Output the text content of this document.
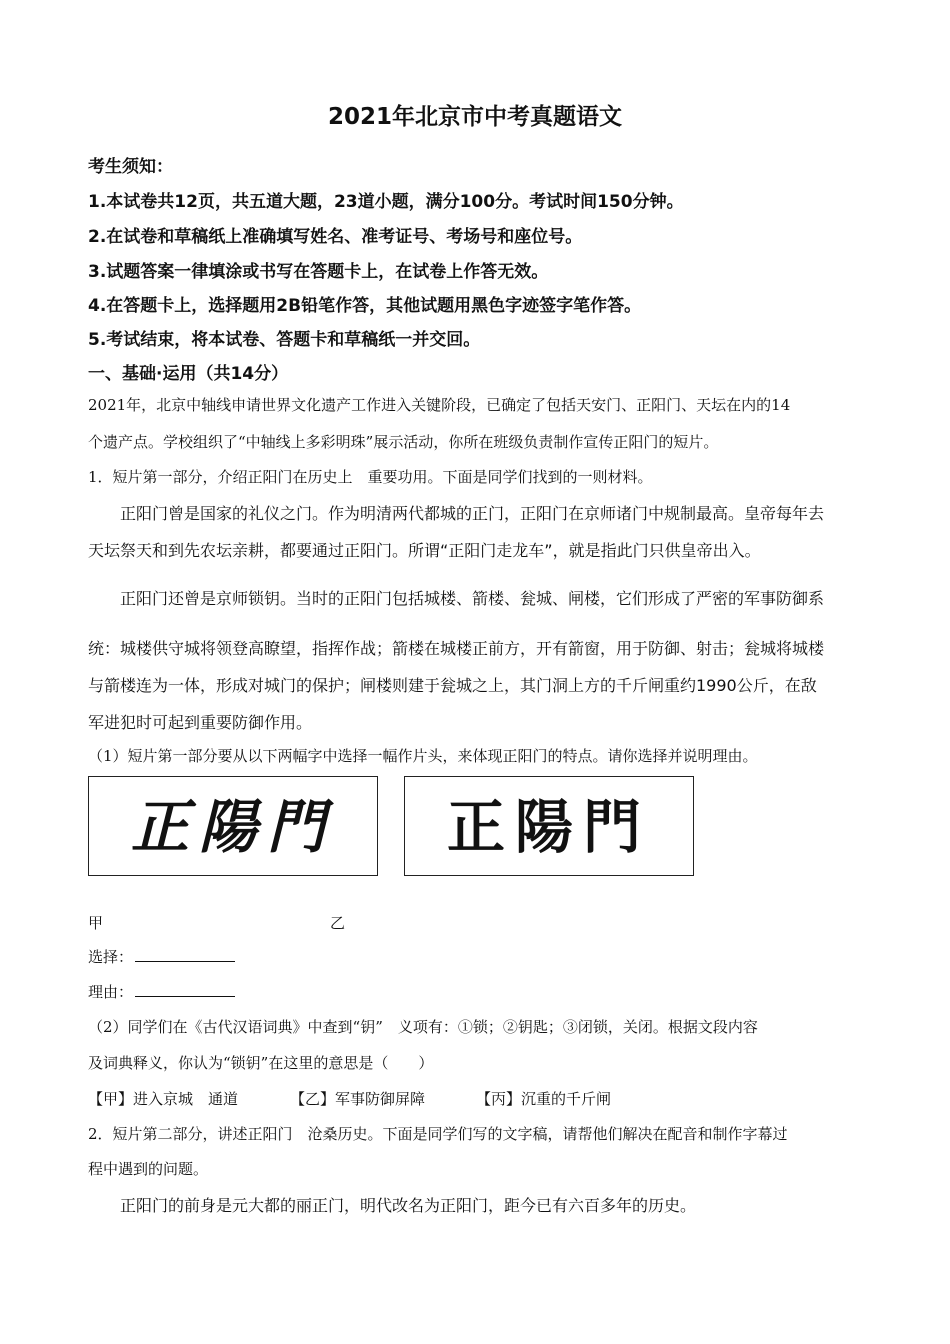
2021年北京市中考真题语文
考生须知：
1.本试卷共12页，共五道大题，23道小题，满分100分。考试时间150分钟。
2.在试卷和草稿纸上准确填写姓名、准考证号、考场号和座位号。
3.试题答案一律填涂或书写在答题卡上，在试卷上作答无效。
4.在答题卡上，选择题用2B铅笔作答，其他试题用黑色字迹签字笔作答。
5.考试结束，将本试卷、答题卡和草稿纸一并交回。
一、基础·运用（共14分）
2021年，北京中轴线申请世界文化遗产工作进入关键阶段，已确定了包括天安门、正阳门、天坛在内的14
个遗产点。学校组织了“中轴线上多彩明珠”展示活动，你所在班级负责制作宣传正阳门的短片。
1．短片第一部分，介绍正阳门在历史上　重要功用。下面是同学们找到的一则材料。
正阳门曾是国家的礼仪之门。作为明清两代都城的正门，正阳门在京师诸门中规制最高。皇帝每年去
天坛祭天和到先农坛亲耕，都要通过正阳门。所谓“正阳门走龙车”，就是指此门只供皇帝出入。
正阳门还曾是京师锁钥。当时的正阳门包括城楼、箭楼、瓮城、闸楼，它们形成了严密的军事防御系
统：城楼供守城将领登高瞭望，指挥作战；箭楼在城楼正前方，开有箭窗，用于防御、射击；瓮城将城楼
与箭楼连为一体，形成对城门的保护；闸楼则建于瓮城之上，其门洞上方的千斤闸重约1990公斤，在敌
军进犯时可起到重要防御作用。
（1）短片第一部分要从以下两幅字中选择一幅作片头，来体现正阳门的特点。请你选择并说明理由。
正陽門 正陽門
甲	乙
选择：
理由：
（2）同学们在《古代汉语词典》中查到“钥”　义项有：①锁；②钥匙；③闭锁，关闭。根据文段内容
及词典释义，你认为“锁钥”在这里的意思是（　　）
【甲】进入京城　通道	【乙】军事防御屏障	【丙】沉重的千斤闸
2．短片第二部分，讲述正阳门　沧桑历史。下面是同学们写的文字稿，请帮他们解决在配音和制作字幕过
程中遇到的问题。
正阳门的前身是元大都的丽正门，明代改名为正阳门，距今已有六百多年的历史。
